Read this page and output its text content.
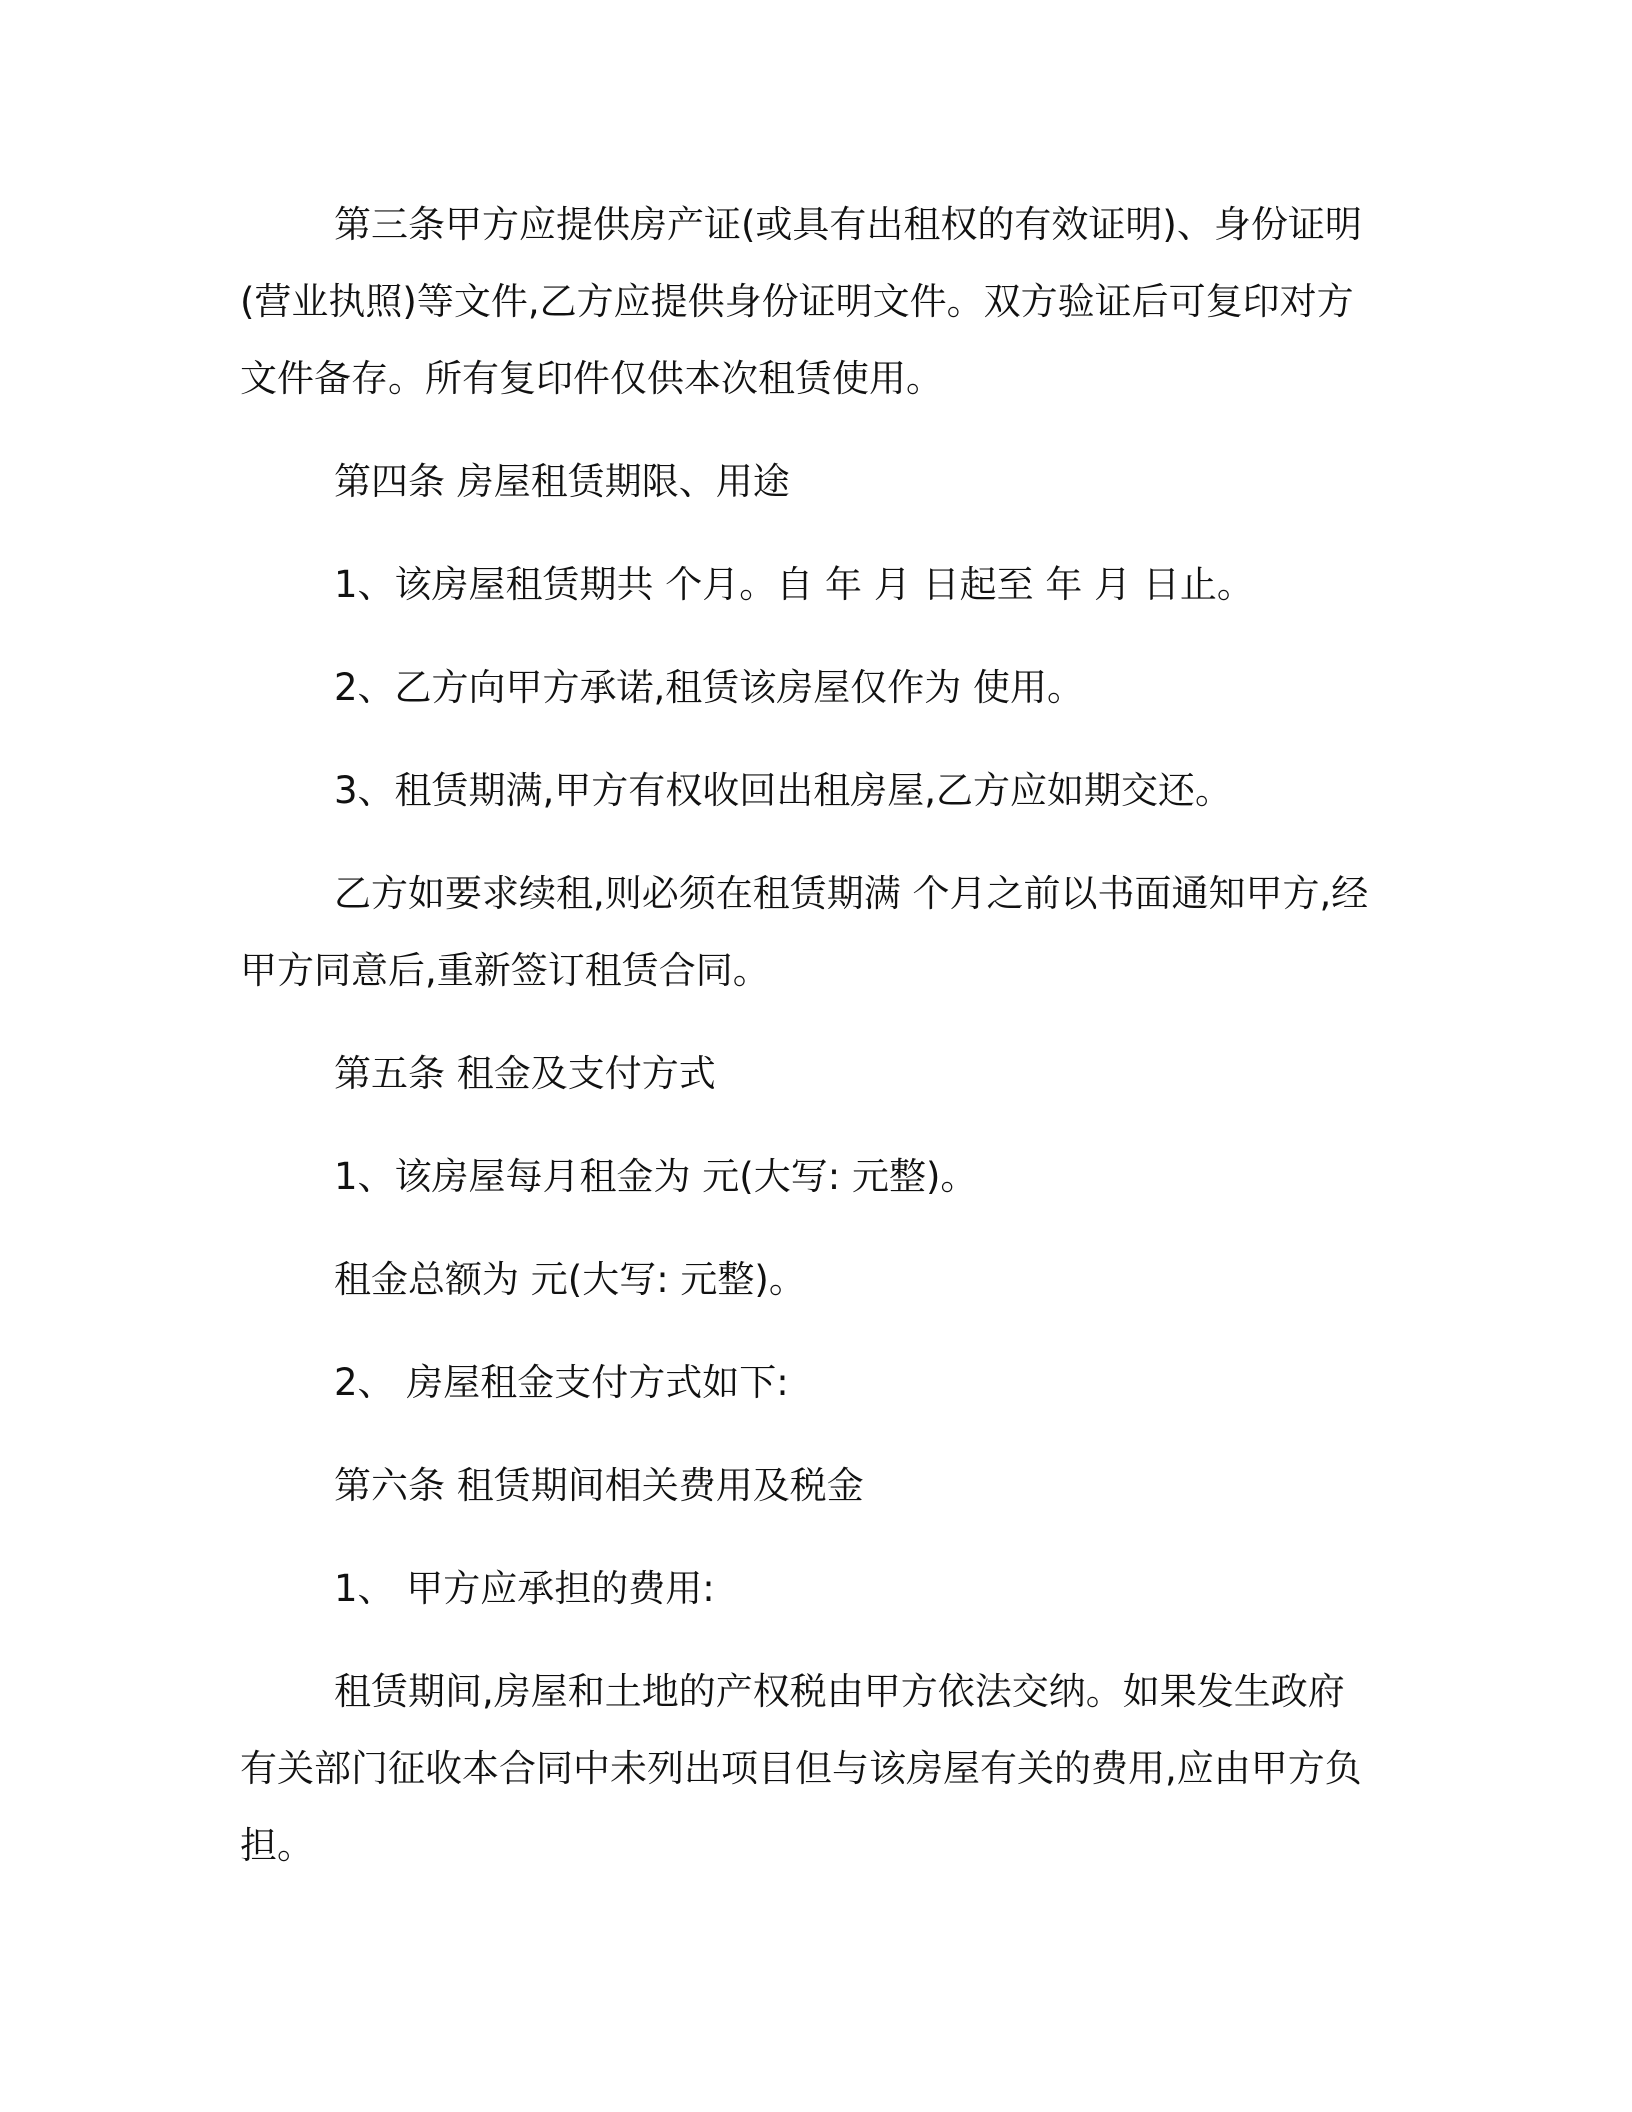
第三条甲方应提供房产证(或具有出租权的有效证明)、身份证明(营业执照)等文件,乙方应提供身份证明文件。双方验证后可复印对方文件备存。所有复印件仅供本次租赁使用。

第四条 房屋租赁期限、用途

1、该房屋租赁期共 个月。自 年 月 日起至 年 月 日止。

2、乙方向甲方承诺,租赁该房屋仅作为 使用。

3、租赁期满,甲方有权收回出租房屋,乙方应如期交还。

乙方如要求续租,则必须在租赁期满 个月之前以书面通知甲方,经甲方同意后,重新签订租赁合同。

第五条 租金及支付方式

1、该房屋每月租金为 元(大写: 元整)。

租金总额为 元(大写: 元整)。

2、 房屋租金支付方式如下:

第六条 租赁期间相关费用及税金

1、 甲方应承担的费用:

租赁期间,房屋和土地的产权税由甲方依法交纳。如果发生政府有关部门征收本合同中未列出项目但与该房屋有关的费用,应由甲方负担。
